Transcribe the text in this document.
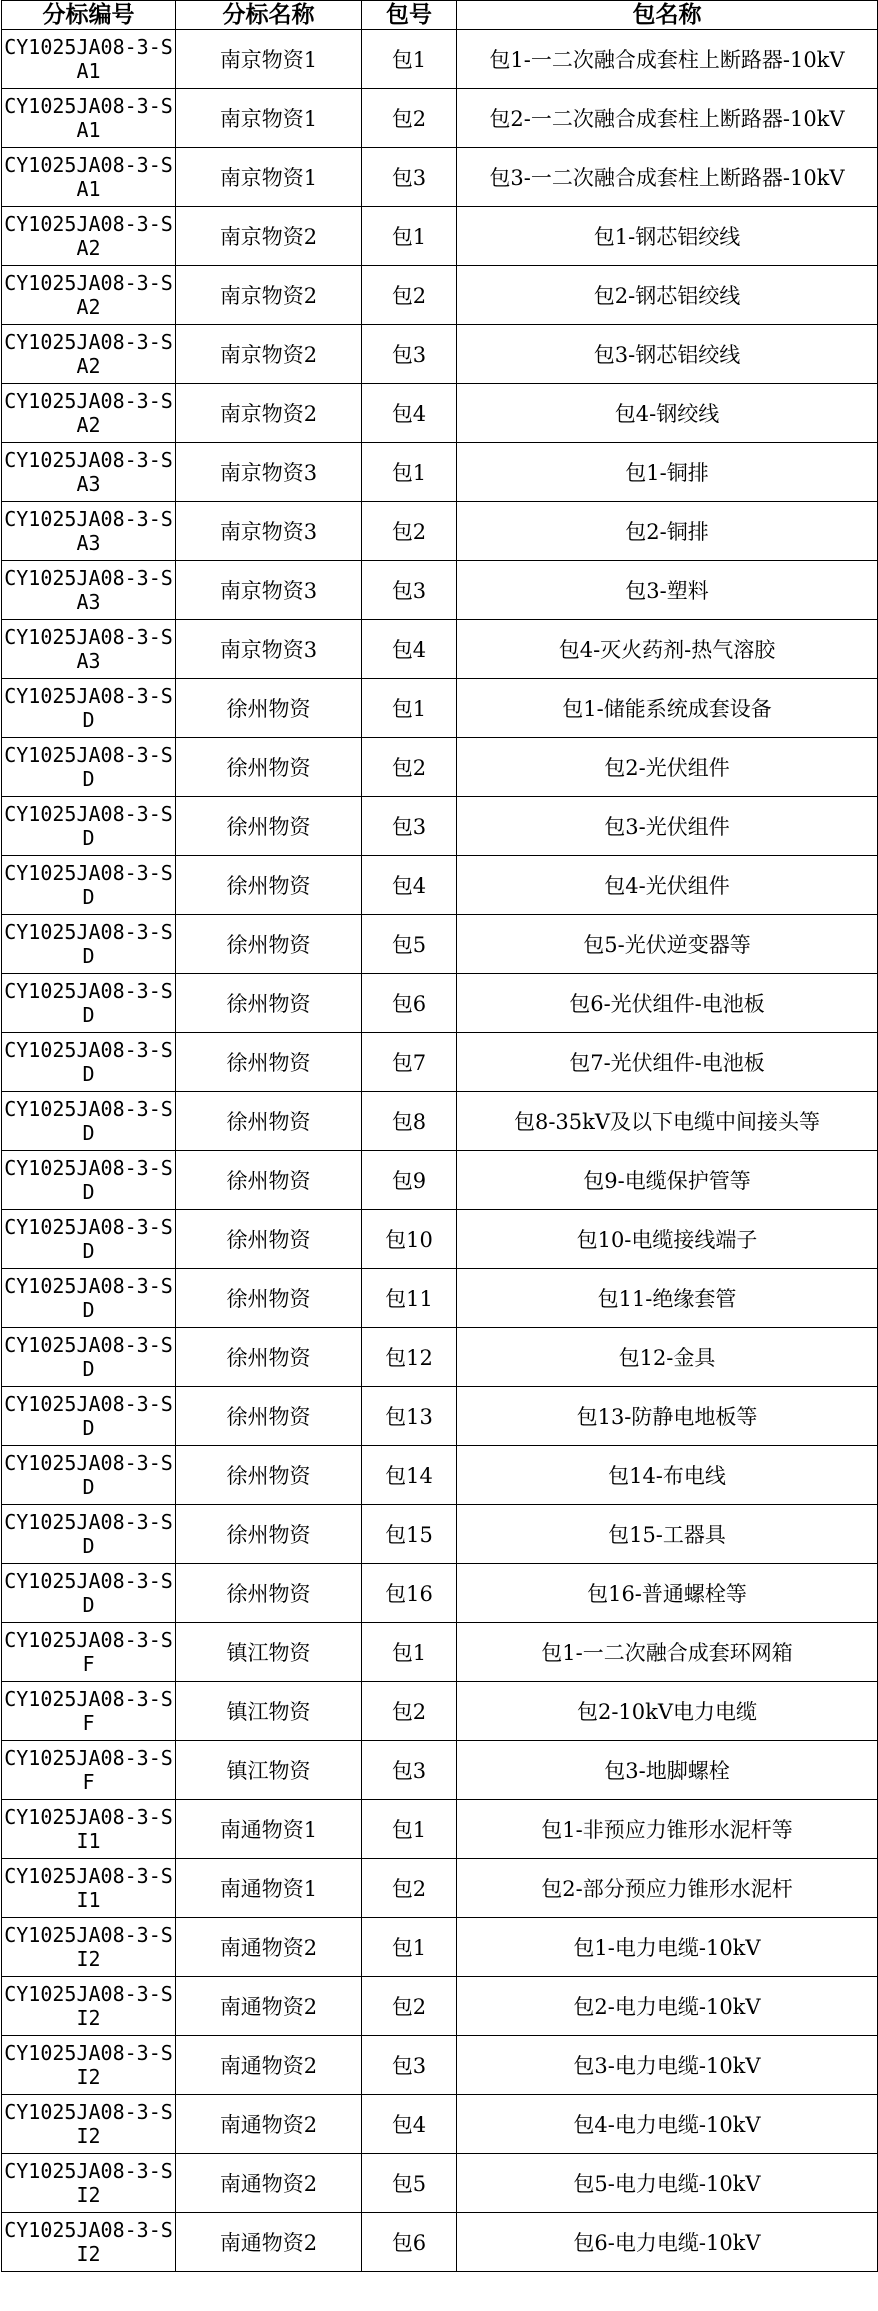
分标编号	分标名称	包号	包名称
CY1025JA08-3-SA1	南京物资1	包1	包1-一二次融合成套柱上断路器-10kV
CY1025JA08-3-SA1	南京物资1	包2	包2-一二次融合成套柱上断路器-10kV
CY1025JA08-3-SA1	南京物资1	包3	包3-一二次融合成套柱上断路器-10kV
CY1025JA08-3-SA2	南京物资2	包1	包1-钢芯铝绞线
CY1025JA08-3-SA2	南京物资2	包2	包2-钢芯铝绞线
CY1025JA08-3-SA2	南京物资2	包3	包3-钢芯铝绞线
CY1025JA08-3-SA2	南京物资2	包4	包4-钢绞线
CY1025JA08-3-SA3	南京物资3	包1	包1-铜排
CY1025JA08-3-SA3	南京物资3	包2	包2-铜排
CY1025JA08-3-SA3	南京物资3	包3	包3-塑料
CY1025JA08-3-SA3	南京物资3	包4	包4-灭火药剂-热气溶胶
CY1025JA08-3-SD	徐州物资	包1	包1-储能系统成套设备
CY1025JA08-3-SD	徐州物资	包2	包2-光伏组件
CY1025JA08-3-SD	徐州物资	包3	包3-光伏组件
CY1025JA08-3-SD	徐州物资	包4	包4-光伏组件
CY1025JA08-3-SD	徐州物资	包5	包5-光伏逆变器等
CY1025JA08-3-SD	徐州物资	包6	包6-光伏组件-电池板
CY1025JA08-3-SD	徐州物资	包7	包7-光伏组件-电池板
CY1025JA08-3-SD	徐州物资	包8	包8-35kV及以下电缆中间接头等
CY1025JA08-3-SD	徐州物资	包9	包9-电缆保护管等
CY1025JA08-3-SD	徐州物资	包10	包10-电缆接线端子
CY1025JA08-3-SD	徐州物资	包11	包11-绝缘套管
CY1025JA08-3-SD	徐州物资	包12	包12-金具
CY1025JA08-3-SD	徐州物资	包13	包13-防静电地板等
CY1025JA08-3-SD	徐州物资	包14	包14-布电线
CY1025JA08-3-SD	徐州物资	包15	包15-工器具
CY1025JA08-3-SD	徐州物资	包16	包16-普通螺栓等
CY1025JA08-3-SF	镇江物资	包1	包1-一二次融合成套环网箱
CY1025JA08-3-SF	镇江物资	包2	包2-10kV电力电缆
CY1025JA08-3-SF	镇江物资	包3	包3-地脚螺栓
CY1025JA08-3-SI1	南通物资1	包1	包1-非预应力锥形水泥杆等
CY1025JA08-3-SI1	南通物资1	包2	包2-部分预应力锥形水泥杆
CY1025JA08-3-SI2	南通物资2	包1	包1-电力电缆-10kV
CY1025JA08-3-SI2	南通物资2	包2	包2-电力电缆-10kV
CY1025JA08-3-SI2	南通物资2	包3	包3-电力电缆-10kV
CY1025JA08-3-SI2	南通物资2	包4	包4-电力电缆-10kV
CY1025JA08-3-SI2	南通物资2	包5	包5-电力电缆-10kV
CY1025JA08-3-SI2	南通物资2	包6	包6-电力电缆-10kV
